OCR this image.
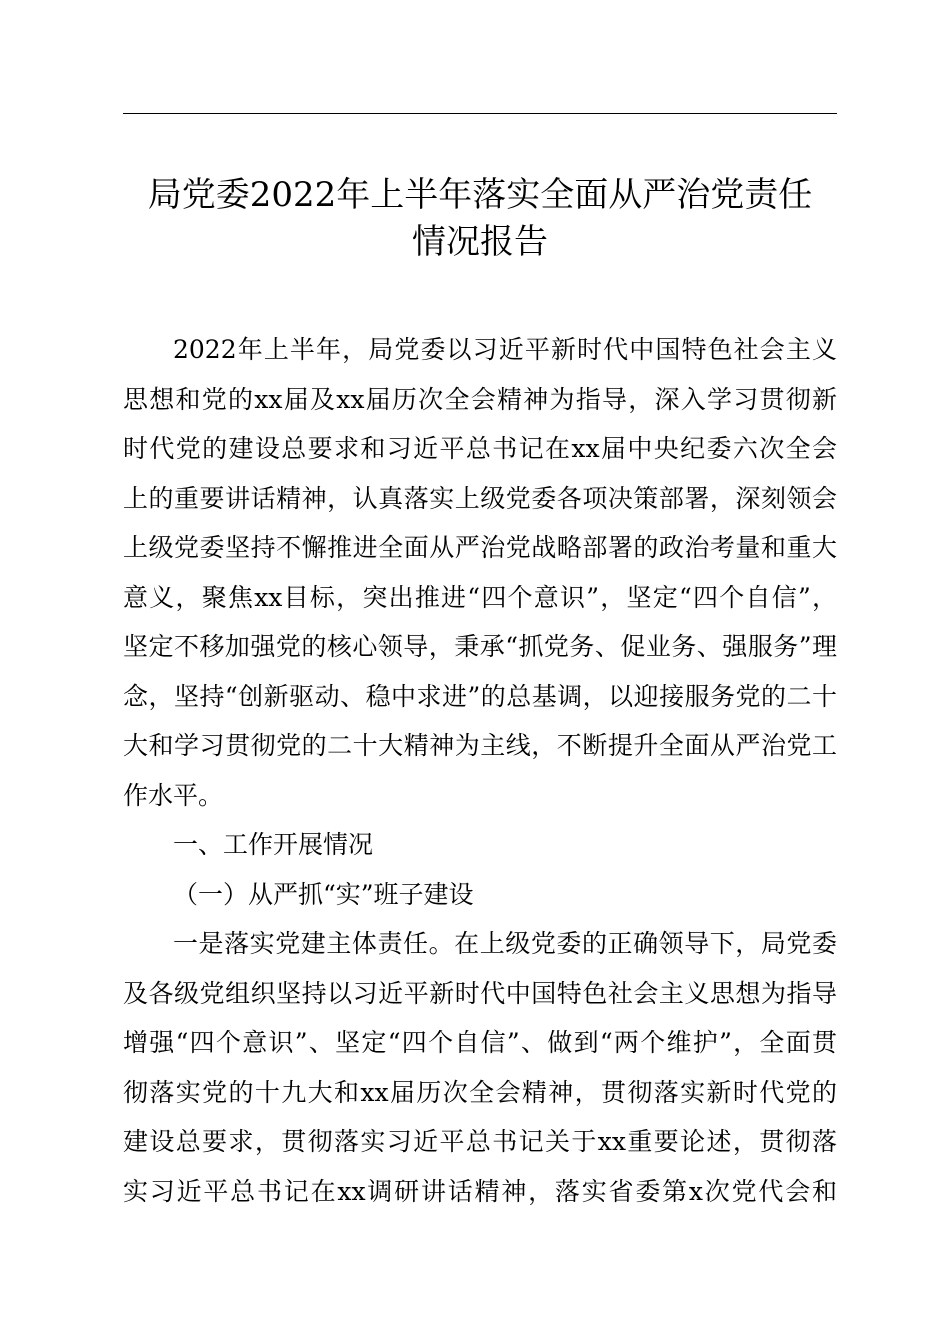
局党委2022年上半年落实全面从严治党责任
情况报告
2022年上半年，局党委以习近平新时代中国特色社会主义
思想和党的xx届及xx届历次全会精神为指导，深入学习贯彻新
时代党的建设总要求和习近平总书记在xx届中央纪委六次全会
上的重要讲话精神，认真落实上级党委各项决策部署，深刻领会
上级党委坚持不懈推进全面从严治党战略部署的政治考量和重大
意义，聚焦xx目标，突出推进“四个意识”，坚定“四个自信”，
坚定不移加强党的核心领导，秉承“抓党务、促业务、强服务”理
念，坚持“创新驱动、稳中求进”的总基调，以迎接服务党的二十
大和学习贯彻党的二十大精神为主线，不断提升全面从严治党工
作水平。
一、工作开展情况
（一）从严抓“实”班子建设
一是落实党建主体责任。在上级党委的正确领导下，局党委
及各级党组织坚持以习近平新时代中国特色社会主义思想为指导
增强“四个意识”、坚定“四个自信”、做到“两个维护”，全面贯
彻落实党的十九大和xx届历次全会精神，贯彻落实新时代党的
建设总要求，贯彻落实习近平总书记关于xx重要论述，贯彻落
实习近平总书记在xx调研讲话精神，落实省委第x次党代会和
